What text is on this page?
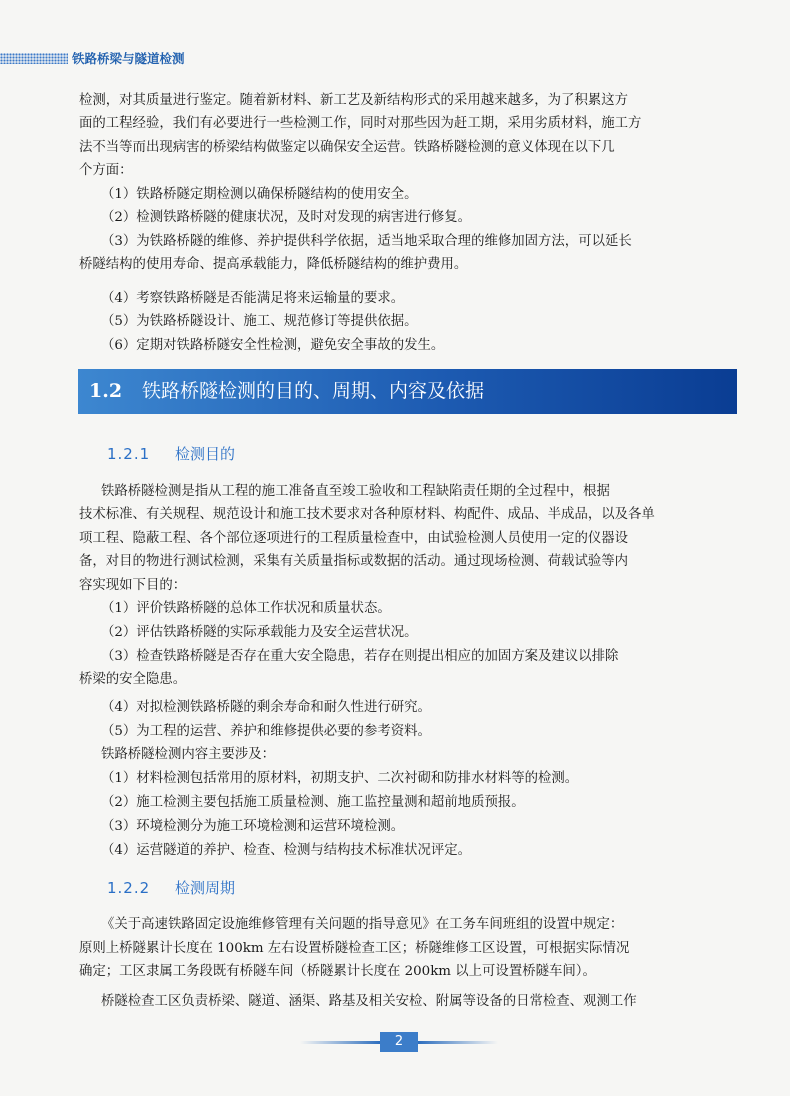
铁路桥梁与隧道检测
检测，对其质量进行鉴定。随着新材料、新工艺及新结构形式的采用越来越多，为了积累这方
面的工程经验，我们有必要进行一些检测工作，同时对那些因为赶工期，采用劣质材料，施工方
法不当等而出现病害的桥梁结构做鉴定以确保安全运营。铁路桥隧检测的意义体现在以下几
个方面：
（1）铁路桥隧定期检测以确保桥隧结构的使用安全。
（2）检测铁路桥隧的健康状况，及时对发现的病害进行修复。
（3）为铁路桥隧的维修、养护提供科学依据，适当地采取合理的维修加固方法，可以延长
桥隧结构的使用寿命、提高承载能力，降低桥隧结构的维护费用。
（4）考察铁路桥隧是否能满足将来运输量的要求。
（5）为铁路桥隧设计、施工、规范修订等提供依据。
（6）定期对铁路桥隧安全性检测，避免安全事故的发生。
1.2 铁路桥隧检测的目的、周期、内容及依据
1.2.1 检测目的
铁路桥隧检测是指从工程的施工准备直至竣工验收和工程缺陷责任期的全过程中，根据
技术标准、有关规程、规范设计和施工技术要求对各种原材料、构配件、成品、半成品，以及各单
项工程、隐蔽工程、各个部位逐项进行的工程质量检查中，由试验检测人员使用一定的仪器设
备，对目的物进行测试检测，采集有关质量指标或数据的活动。通过现场检测、荷载试验等内
容实现如下目的：
（1）评价铁路桥隧的总体工作状况和质量状态。
（2）评估铁路桥隧的实际承载能力及安全运营状况。
（3）检查铁路桥隧是否存在重大安全隐患，若存在则提出相应的加固方案及建议以排除
桥梁的安全隐患。
（4）对拟检测铁路桥隧的剩余寿命和耐久性进行研究。
（5）为工程的运营、养护和维修提供必要的参考资料。
铁路桥隧检测内容主要涉及：
（1）材料检测包括常用的原材料，初期支护、二次衬砌和防排水材料等的检测。
（2）施工检测主要包括施工质量检测、施工监控量测和超前地质预报。
（3）环境检测分为施工环境检测和运营环境检测。
（4）运营隧道的养护、检查、检测与结构技术标准状况评定。
1.2.2 检测周期
《关于高速铁路固定设施维修管理有关问题的指导意见》在工务车间班组的设置中规定：
原则上桥隧累计长度在 100km 左右设置桥隧检查工区；桥隧维修工区设置，可根据实际情况
确定；工区隶属工务段既有桥隧车间（桥隧累计长度在 200km 以上可设置桥隧车间）。
桥隧检查工区负责桥梁、隧道、涵渠、路基及相关安检、附属等设备的日常检查、观测工作
2
